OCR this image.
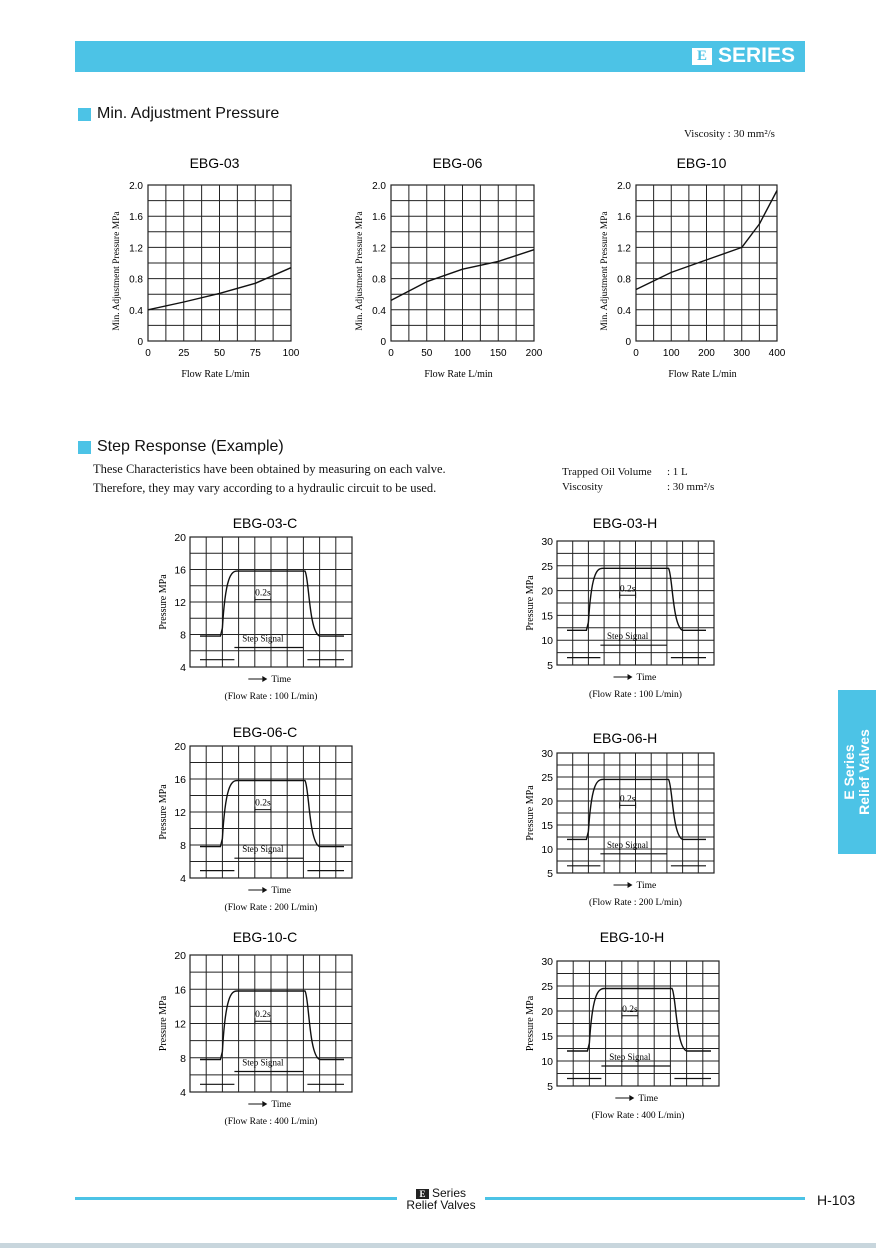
E SERIES
Min. Adjustment Pressure
Viscosity : 30 mm²/s
Step Response (Example)
These Characteristics have been obtained by measuring on each valve.
Therefore, they may vary according to a hydraulic circuit to be used.
Trapped Oil Volume	: 1 L
Viscosity	: 30 mm²/s
EBG-03
0
0.4
0.8
1.2
1.6
2.0
0	25 50 75 100
Flow Rate L/min
Min. Adjustment Pressure MPa
EBG-06
0
0.4
0.8
1.2
1.6
2.0
0	50 100 150 200
Flow Rate L/min
Min. Adjustment Pressure MPa
EBG-10
0
0.4
0.8
1.2
1.6
2.0
0 100 200 300 400
Flow Rate L/min
Min. Adjustment Pressure MPa
EBG-03-C
4
8
12
16
20
Pressure MPa
Step Signal
0.2s
Time
(Flow Rate : 100 L/min)
EBG-03-H
5
10
15
20
25
30
Pressure MPa
Step Signal
0.2s
Time
(Flow Rate : 100 L/min)
EBG-06-C
4
8
12
16
20
Pressure MPa
Step Signal
0.2s
Time
(Flow Rate : 200 L/min)
EBG-06-H
5
10
15
20
25
30
Pressure MPa
Step Signal
0.2s
Time
(Flow Rate : 200 L/min)
EBG-10-C
4
8
12
16
20
Pressure MPa
Step Signal
0.2s
Time
(Flow Rate : 400 L/min)
EBG-10-H
5
10
15
20
25
30
Pressure MPa
Step Signal
0.2s
Time
(Flow Rate : 400 L/min)
E Series Relief Valves
E Series
Relief Valves	H-103
